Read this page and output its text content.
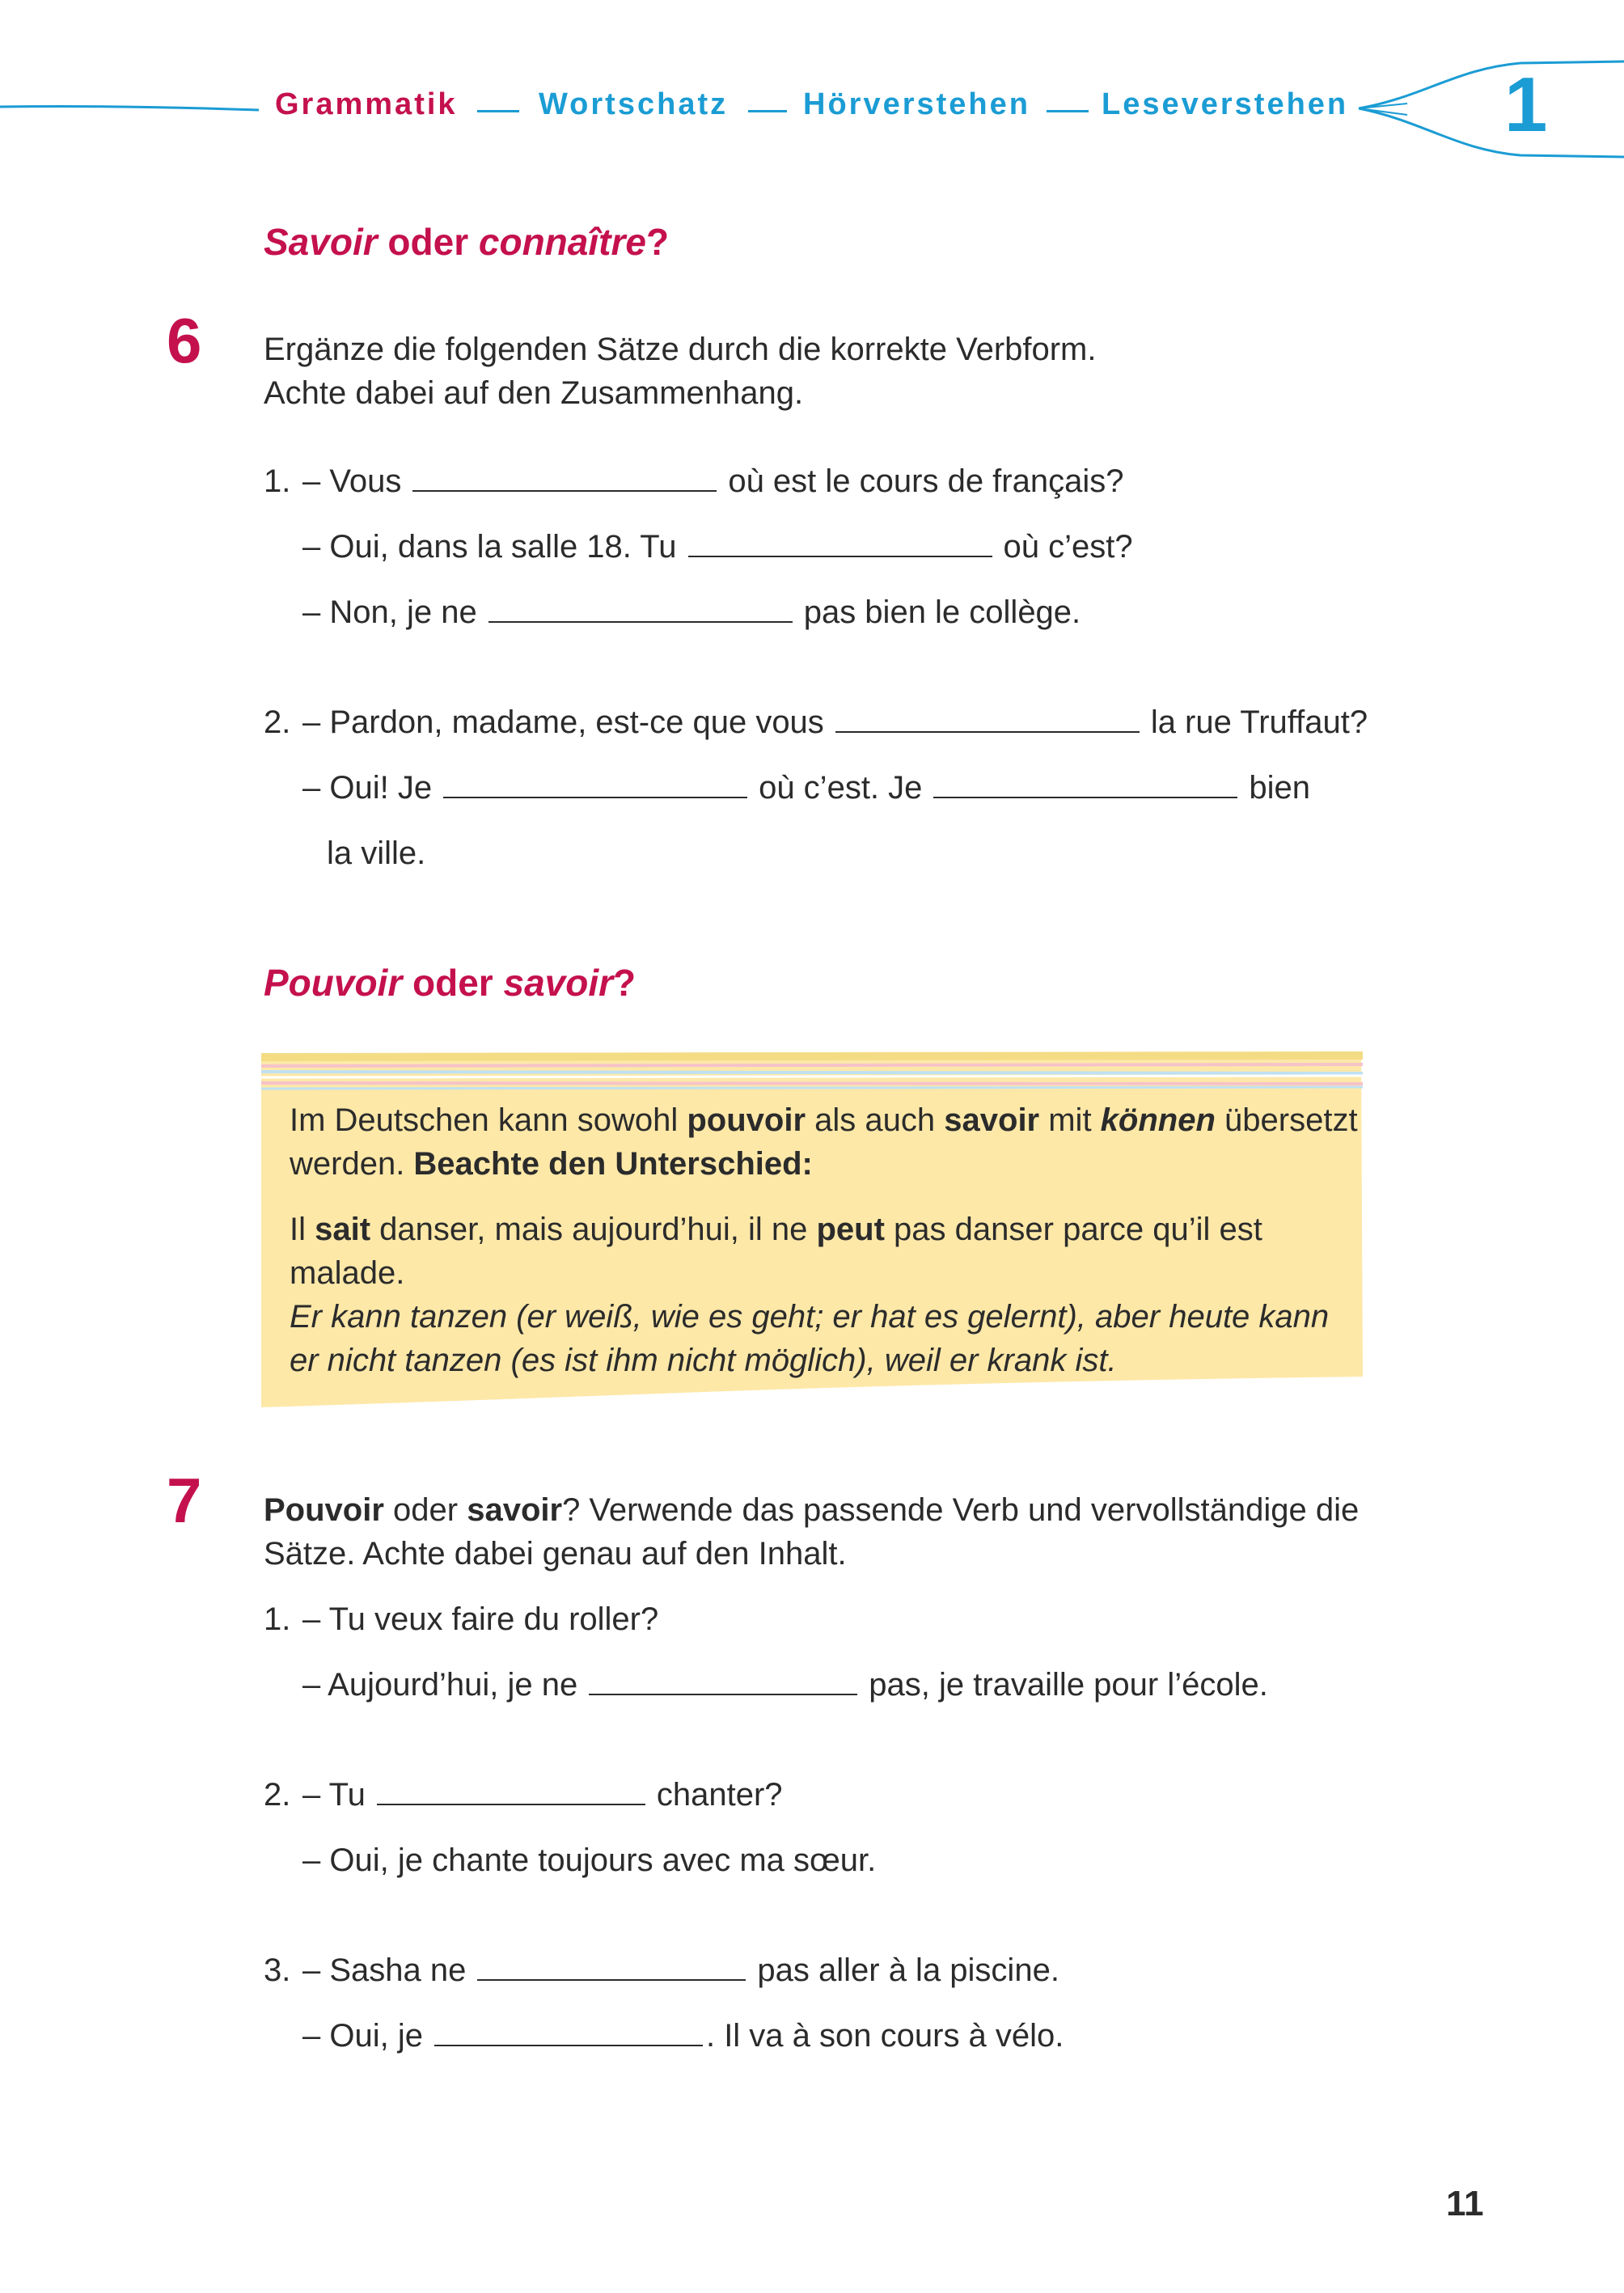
Grammatik	Wortschatz Hörverstehen Leseverstehen 1
Savoir oder connaître?
6 Ergänze die folgenden Sätze durch die korrekte Verbform.
Achte dabei auf den Zusammenhang.
1. – Vous	où est le cours de français?
– Oui, dans la salle 18. Tu	où c’est?
– Non, je ne	pas bien le collège.
2. – Pardon, madame, est-ce que vous	la rue Truffaut?
– Oui! Je	où c’est. Je	bien
la ville.
Pouvoir oder savoir?
Im Deutschen kann sowohl pouvoir als auch savoir mit können übersetzt
werden. Beachte den Unterschied:
Il sait danser, mais aujourd’hui, il ne peut pas danser parce qu’il est
malade.
Er kann tanzen (er weiß, wie es geht; er hat es gelernt), aber heute kann
er nicht tanzen (es ist ihm nicht möglich), weil er krank ist.
7 Pouvoir oder savoir? Verwende das passende Verb und vervollständige die
Sätze. Achte dabei genau auf den Inhalt.
1. – Tu veux faire du roller?
– Aujourd’hui, je ne	pas, je travaille pour l’école.
2. – Tu	chanter?
– Oui, je chante toujours avec ma sœur.
3. – Sasha ne	pas aller à la piscine.
– Oui, je	. Il va à son cours à vélo.
11
